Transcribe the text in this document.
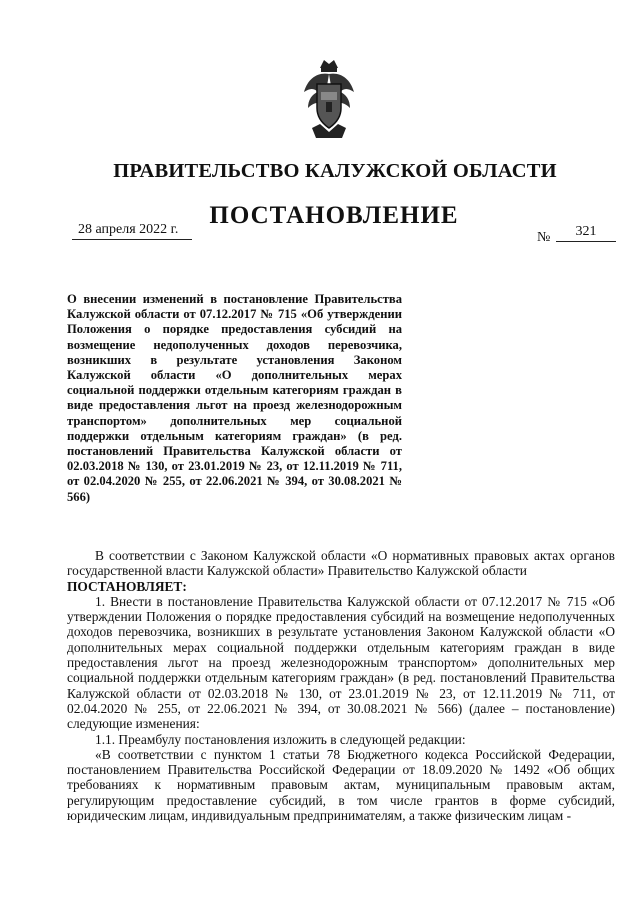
ПРАВИТЕЛЬСТВО КАЛУЖСКОЙ ОБЛАСТИ
ПОСТАНОВЛЕНИЕ
28 апреля 2022 г.
№	321
О внесении изменений в постановление Правительства Калужской области от 07.12.2017 № 715 «Об утверждении Положения о порядке предоставления субсидий на возмещение недополученных доходов перевозчика, возникших в результате установления Законом Калужской области «О дополнительных мерах социальной поддержки отдельным категориям граждан в виде предоставления льгот на проезд железнодорожным транспортом» дополнительных мер социальной поддержки отдельным категориям граждан» (в ред. постановлений Правительства Калужской области от 02.03.2018 № 130, от 23.01.2019 № 23, от 12.11.2019 № 711, от 02.04.2020 № 255, от 22.06.2021 № 394, от 30.08.2021 № 566)

В соответствии с Законом Калужской области «О нормативных правовых актах органов государственной власти Калужской области» Правительство Калужской области

ПОСТАНОВЛЯЕТ:

1. Внести в постановление Правительства Калужской области от 07.12.2017 № 715 «Об утверждении Положения о порядке предоставления субсидий на возмещение недополученных доходов перевозчика, возникших в результате установления Законом Калужской области «О дополнительных мерах социальной поддержки отдельным категориям граждан в виде предоставления льгот на проезд железнодорожным транспортом» дополнительных мер социальной поддержки отдельным категориям граждан» (в ред. постановлений Правительства Калужской области от 02.03.2018 № 130, от 23.01.2019 № 23, от 12.11.2019 № 711, от 02.04.2020 № 255, от 22.06.2021 № 394, от 30.08.2021 № 566) (далее – постановление) следующие изменения:

1.1. Преамбулу постановления изложить в следующей редакции:

«В соответствии с пунктом 1 статьи 78 Бюджетного кодекса Российской Федерации, постановлением Правительства Российской Федерации от 18.09.2020 № 1492 «Об общих требованиях к нормативным правовым актам, муниципальным правовым актам, регулирующим предоставление субсидий, в том числе грантов в форме субсидий, юридическим лицам, индивидуальным предпринимателям, а также физическим лицам -
